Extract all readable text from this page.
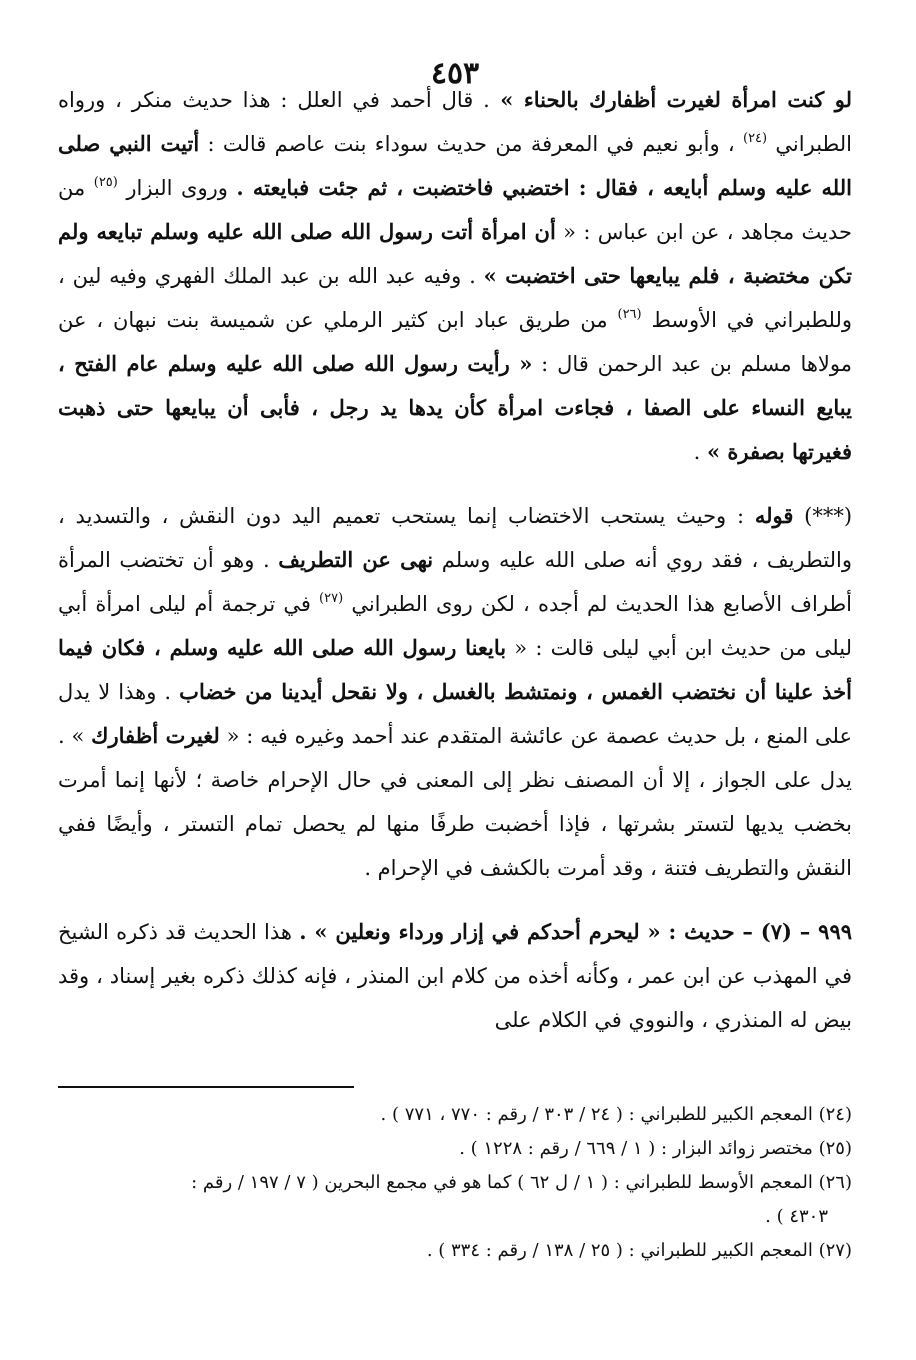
٤٥٣

لو كنت امرأة لغيرت أظفارك بالحناء » . قال أحمد في العلل : هذا حديث منكر ، ورواه الطبراني $^{(٢٤)}$ ، وأبو نعيم في المعرفة من حديث سوداء بنت عاصم قالت : أتيت النبي صلى الله عليه وسلم أبايعه ، فقال : اختضبي فاختضبت ، ثم جئت فبايعته . وروى البزار $^{(٢٥)}$ من حديث مجاهد ، عن ابن عباس : « أن امرأة أتت رسول الله صلى الله عليه وسلم تبايعه ولم تكن مختضبة ، فلم يبايعها حتى اختضبت » . وفيه عبد الله بن عبد الملك الفهري وفيه لين ، وللطبراني في الأوسط $^{(٢٦)}$ من طريق عباد ابن كثير الرملي عن شميسة بنت نبهان ، عن مولاها مسلم بن عبد الرحمن قال : « رأيت رسول الله صلى الله عليه وسلم عام الفتح ، يبايع النساء على الصفا ، فجاءت امرأة كأن يدها يد رجل ، فأبى أن يبايعها حتى ذهبت فغيرتها بصفرة » .

(***) قوله : وحيث يستحب الاختضاب إنما يستحب تعميم اليد دون النقش ، والتسديد ، والتطريف ، فقد روي أنه صلى الله عليه وسلم نهى عن التطريف . وهو أن تختضب المرأة أطراف الأصابع هذا الحديث لم أجده ، لكن روى الطبراني $^{(٢٧)}$ في ترجمة أم ليلى امرأة أبي ليلى من حديث ابن أبي ليلى قالت : « بايعنا رسول الله صلى الله عليه وسلم ، فكان فيما أخذ علينا أن نختضب الغمس ، ونمتشط بالغسل ، ولا نقحل أيدينا من خضاب . وهذا لا يدل على المنع ، بل حديث عصمة عن عائشة المتقدم عند أحمد وغيره فيه : « لغيرت أظفارك » . يدل على الجواز ، إلا أن المصنف نظر إلى المعنى في حال الإحرام خاصة ؛ لأنها إنما أمرت بخضب يديها لتستر بشرتها ، فإذا أخضبت طرفًا منها لم يحصل تمام التستر ، وأيضًا ففي النقش والتطريف فتنة ، وقد أمرت بالكشف في الإحرام .

٩٩٩ – (٧) – حديث : « ليحرم أحدكم في إزار ورداء ونعلين » . هذا الحديث قد ذكره الشيخ في المهذب عن ابن عمر ، وكأنه أخذه من كلام ابن المنذر ، فإنه كذلك ذكره بغير إسناد ، وقد بيض له المنذري ، والنووي في الكلام على

(٢٤) المعجم الكبير للطبراني : ( ٢٤ / ٣٠٣ / رقم : ٧٧٠ ، ٧٧١ ) .

(٢٥) مختصر زوائد البزار : ( ١ / ٦٦٩ / رقم : ١٢٢٨ ) .

(٢٦) المعجم الأوسط للطبراني : ( ١ / ل ٦٢ ) كما هو في مجمع البحرين ( ٧ / ١٩٧ / رقم :
٤٣٠٣ ) .

(٢٧) المعجم الكبير للطبراني : ( ٢٥ / ١٣٨ / رقم : ٣٣٤ ) .
